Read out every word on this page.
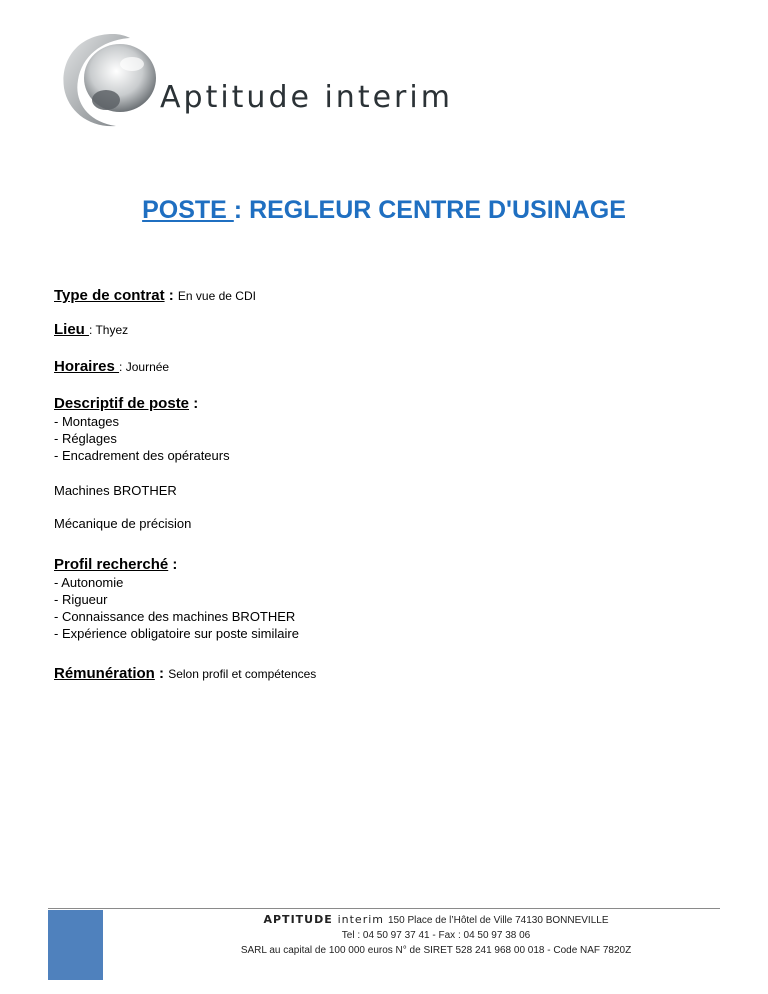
Aptitude interim
POSTE : REGLEUR CENTRE D'USINAGE
Type de contrat : En vue de CDI
Lieu : Thyez
Horaires : Journée
Descriptif de poste :
- Montages
- Réglages
- Encadrement des opérateurs
Machines BROTHER
Mécanique de précision
Profil recherché :
- Autonomie
- Rigueur
- Connaissance des machines BROTHER
- Expérience obligatoire sur poste similaire
Rémunération : Selon profil et compétences
APTITUDE interim 150 Place de l’Hôtel de Ville 74130 BONNEVILLE
Tel : 04 50 97 37 41 - Fax : 04 50 97 38 06
SARL au capital de 100 000 euros N° de SIRET 528 241 968 00 018 - Code NAF 7820Z
